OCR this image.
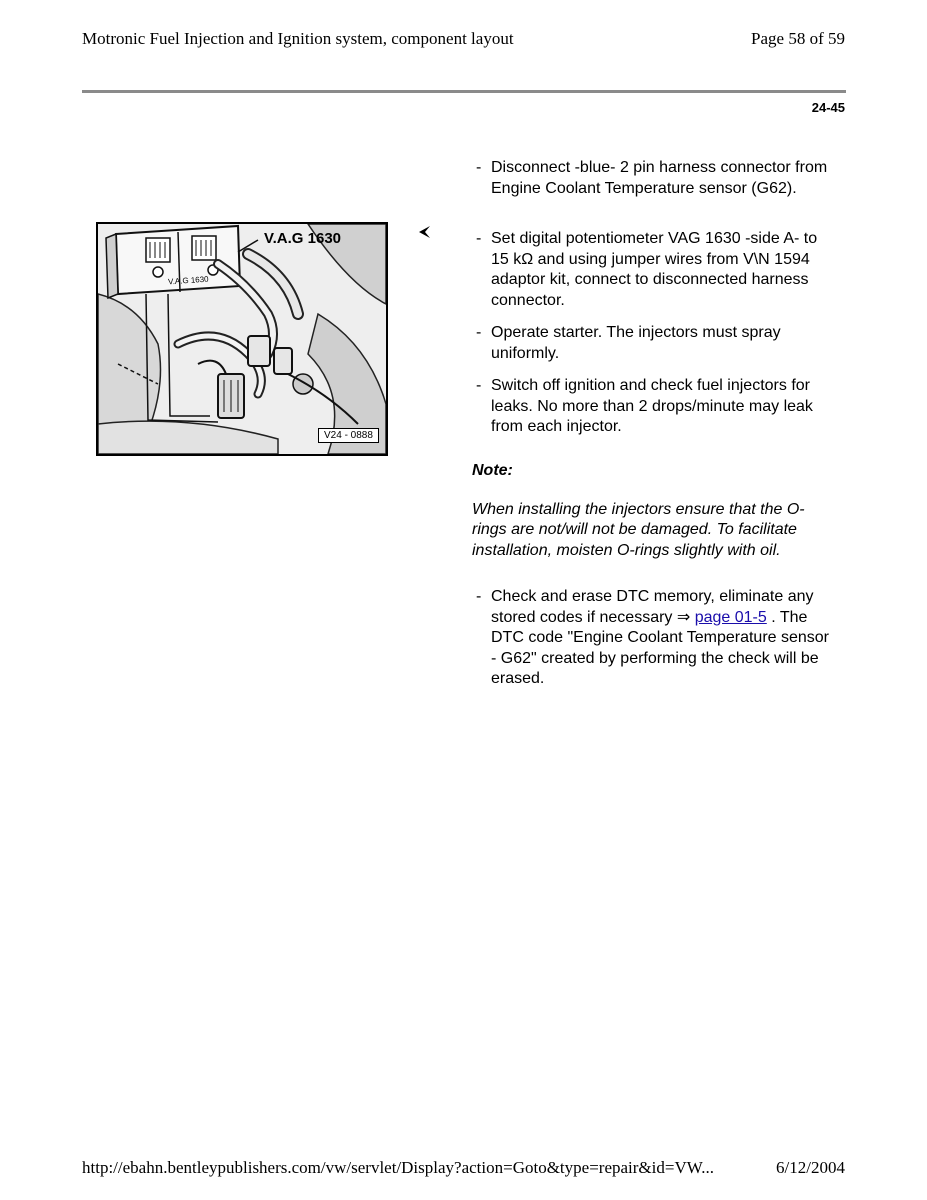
Motronic Fuel Injection and Ignition system, component layout	Page 58 of 59
24-45
V.A.G 1630
V.A.G 1630
V24 - 0888
- Disconnect -blue- 2 pin harness connector from
Engine Coolant Temperature sensor (G62).
- Set digital potentiometer VAG 1630 -side A- to
15 kΩ and using jumper wires from V\N 1594
adaptor kit, connect to disconnected harness
connector.
- Operate starter. The injectors must spray
uniformly.
- Switch off ignition and check fuel injectors for
leaks. No more than 2 drops/minute may leak
from each injector.
Note:
When installing the injectors ensure that the O-
rings are not/will not be damaged. To facilitate
installation, moisten O-rings slightly with oil.
- Check and erase DTC memory, eliminate any
stored codes if necessary ⇒ page 01-5 . The
DTC code "Engine Coolant Temperature sensor
- G62" created by performing the check will be
erased.
http://ebahn.bentleypublishers.com/vw/servlet/Display?action=Goto&type=repair&id=VW...	6/12/2004
